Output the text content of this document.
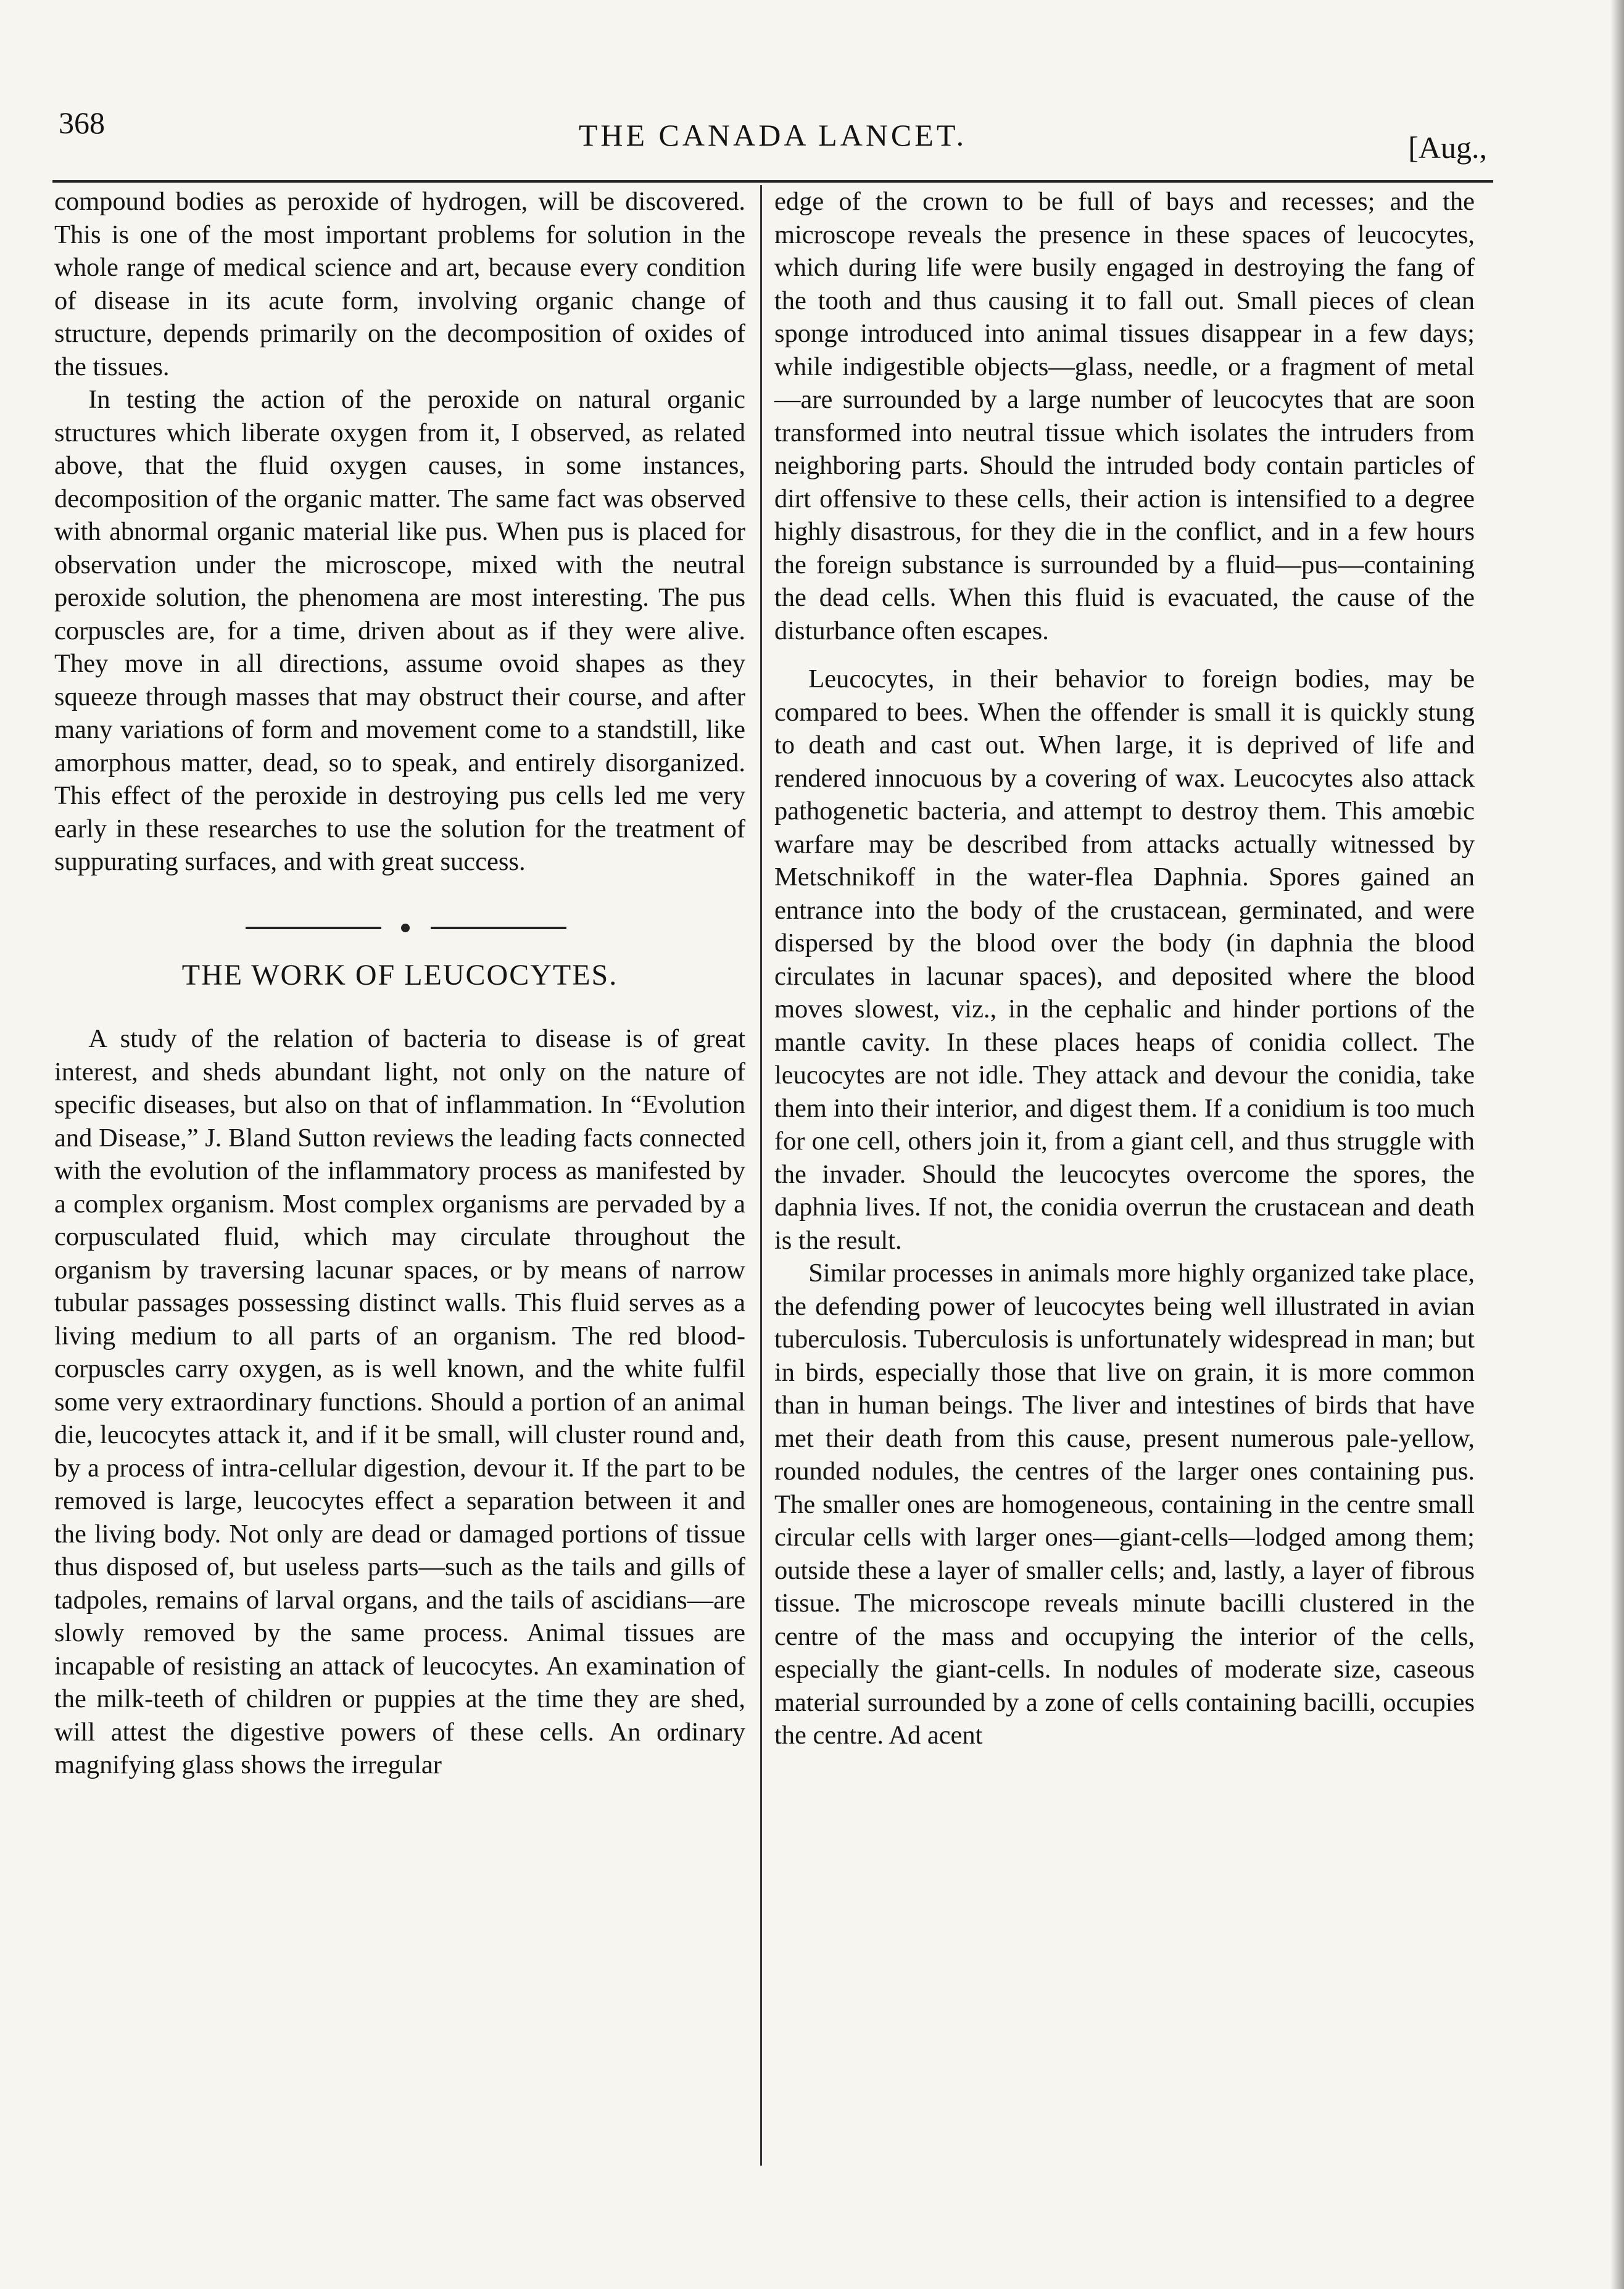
368	THE CANADA LANCET.	[Aug.,

compound bodies as peroxide of hydrogen, will be discovered. This is one of the most important problems for solution in the whole range of medical science and art, because every condition of disease in its acute form, involving organic change of structure, depends primarily on the decomposition of oxides of the tissues.

In testing the action of the peroxide on natural organic structures which liberate oxygen from it, I observed, as related above, that the fluid oxygen causes, in some instances, decomposition of the organic matter. The same fact was observed with abnormal organic material like pus. When pus is placed for observation under the microscope, mixed with the neutral peroxide solution, the phenomena are most interesting. The pus corpuscles are, for a time, driven about as if they were alive. They move in all directions, assume ovoid shapes as they squeeze through masses that may obstruct their course, and after many variations of form and movement come to a standstill, like amorphous matter, dead, so to speak, and entirely disorganized. This effect of the peroxide in destroying pus cells led me very early in these researches to use the solution for the treatment of suppurating surfaces, and with great success.

THE WORK OF LEUCOCYTES.

A study of the relation of bacteria to disease is of great interest, and sheds abundant light, not only on the nature of specific diseases, but also on that of inflammation. In “Evolution and Disease,” J. Bland Sutton reviews the leading facts connected with the evolution of the inflammatory process as manifested by a complex organism. Most complex organisms are pervaded by a corpusculated fluid, which may circulate throughout the organism by traversing lacunar spaces, or by means of narrow tubular passages possessing distinct walls. This fluid serves as a living medium to all parts of an organism. The red blood-corpuscles carry oxygen, as is well known, and the white fulfil some very extraordinary functions. Should a portion of an animal die, leucocytes attack it, and if it be small, will cluster round and, by a process of intra-cellular digestion, devour it. If the part to be removed is large, leucocytes effect a separation between it and the living body. Not only are dead or damaged portions of tissue thus disposed of, but useless parts—such as the tails and gills of tadpoles, remains of larval organs, and the tails of ascidians—are slowly removed by the same process. Animal tissues are incapable of resisting an attack of leucocytes. An examination of the milk-teeth of children or puppies at the time they are shed, will attest the digestive powers of these cells. An ordinary magnifying glass shows the irregular

edge of the crown to be full of bays and recesses; and the microscope reveals the presence in these spaces of leucocytes, which during life were busily engaged in destroying the fang of the tooth and thus causing it to fall out. Small pieces of clean sponge introduced into animal tissues disappear in a few days; while indigestible objects—glass, needle, or a fragment of metal—are surrounded by a large number of leucocytes that are soon transformed into neutral tissue which isolates the intruders from neighboring parts. Should the intruded body contain particles of dirt offensive to these cells, their action is intensified to a degree highly disastrous, for they die in the conflict, and in a few hours the foreign substance is surrounded by a fluid—pus—containing the dead cells. When this fluid is evacuated, the cause of the disturbance often escapes.

Leucocytes, in their behavior to foreign bodies, may be compared to bees. When the offender is small it is quickly stung to death and cast out. When large, it is deprived of life and rendered innocuous by a covering of wax. Leucocytes also attack pathogenetic bacteria, and attempt to destroy them. This amœbic warfare may be described from attacks actually witnessed by Metschnikoff in the water-flea Daphnia. Spores gained an entrance into the body of the crustacean, germinated, and were dispersed by the blood over the body (in daphnia the blood circulates in lacunar spaces), and deposited where the blood moves slowest, viz., in the cephalic and hinder portions of the mantle cavity. In these places heaps of conidia collect. The leucocytes are not idle. They attack and devour the conidia, take them into their interior, and digest them. If a conidium is too much for one cell, others join it, from a giant cell, and thus struggle with the invader. Should the leucocytes overcome the spores, the daphnia lives. If not, the conidia overrun the crustacean and death is the result.

Similar processes in animals more highly organized take place, the defending power of leucocytes being well illustrated in avian tuberculosis. Tuberculosis is unfortunately widespread in man; but in birds, especially those that live on grain, it is more common than in human beings. The liver and intestines of birds that have met their death from this cause, present numerous pale-yellow, rounded nodules, the centres of the larger ones containing pus. The smaller ones are homogeneous, containing in the centre small circular cells with larger ones—giant-cells—lodged among them; outside these a layer of smaller cells; and, lastly, a layer of fibrous tissue. The microscope reveals minute bacilli clustered in the centre of the mass and occupying the interior of the cells, especially the giant-cells. In nodules of moderate size, caseous material surrounded by a zone of cells containing bacilli, occupies the centre. Ad acent
